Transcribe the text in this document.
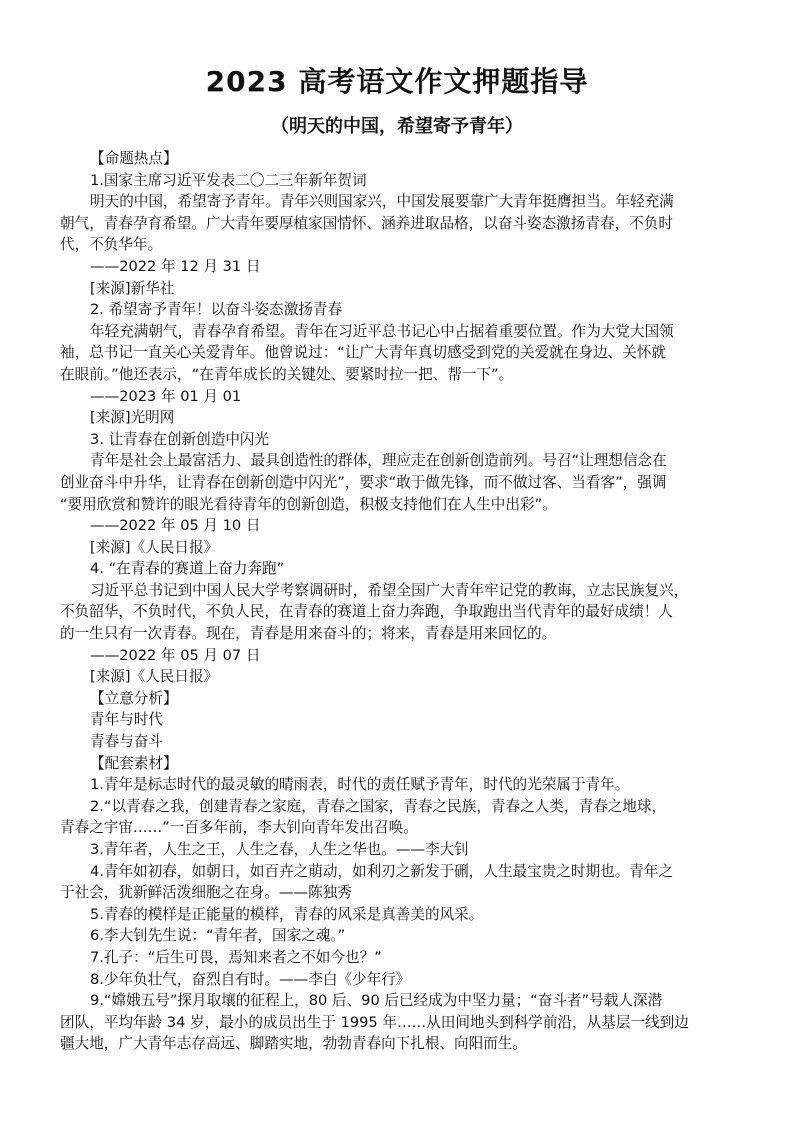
2023 高考语文作文押题指导
（明天的中国，希望寄予青年）
【命题热点】
1.国家主席习近平发表二〇二三年新年贺词
明天的中国，希望寄予青年。青年兴则国家兴，中国发展要靠广大青年挺膺担当。年轻充满
朝气，青春孕育希望。广大青年要厚植家国情怀、涵养进取品格，以奋斗姿态激扬青春，不负时
代，不负华年。
——2022 年 12 月 31 日
[来源]新华社
2. 希望寄予青年！以奋斗姿态激扬青春
年轻充满朝气，青春孕育希望。青年在习近平总书记心中占据着重要位置。作为大党大国领
袖，总书记一直关心关爱青年。他曾说过：“让广大青年真切感受到党的关爱就在身边、关怀就
在眼前。”他还表示，“在青年成长的关键处、要紧时拉一把、帮一下”。
——2023 年 01 月 01
[来源]光明网
3. 让青春在创新创造中闪光
青年是社会上最富活力、最具创造性的群体，理应走在创新创造前列。号召“让理想信念在
创业奋斗中升华，让青春在创新创造中闪光”，要求“敢于做先锋，而不做过客、当看客”，强调
“要用欣赏和赞许的眼光看待青年的创新创造，积极支持他们在人生中出彩”。
——2022 年 05 月 10 日
[来源]《人民日报》
4. “在青春的赛道上奋力奔跑”
习近平总书记到中国人民大学考察调研时，希望全国广大青年牢记党的教诲，立志民族复兴，
不负韶华，不负时代，不负人民，在青春的赛道上奋力奔跑，争取跑出当代青年的最好成绩！人
的一生只有一次青春。现在，青春是用来奋斗的；将来，青春是用来回忆的。
——2022 年 05 月 07 日
[来源]《人民日报》
【立意分析】
青年与时代
青春与奋斗
【配套素材】
1.青年是标志时代的最灵敏的晴雨表，时代的责任赋予青年，时代的光荣属于青年。
2.“以青春之我，创建青春之家庭，青春之国家，青春之民族，青春之人类，青春之地球，
青春之宇宙……”一百多年前，李大钊向青年发出召唤。
3.青年者，人生之王，人生之春，人生之华也。——李大钊
4.青年如初春，如朝日，如百卉之萌动，如利刃之新发于硎，人生最宝贵之时期也。青年之
于社会，犹新鲜活泼细胞之在身。——陈独秀
5.青春的模样是正能量的模样，青春的风采是真善美的风采。
6.李大钊先生说：“青年者，国家之魂。”
7.孔子：“后生可畏，焉知来者之不如今也？”
8.少年负壮气，奋烈自有时。——李白《少年行》
9.“嫦娥五号”探月取壤的征程上，80 后、90 后已经成为中坚力量；“奋斗者”号载人深潜
团队，平均年龄 34 岁，最小的成员出生于 1995 年……从田间地头到科学前沿，从基层一线到边
疆大地，广大青年志存高远、脚踏实地，勃勃青春向下扎根、向阳而生。
